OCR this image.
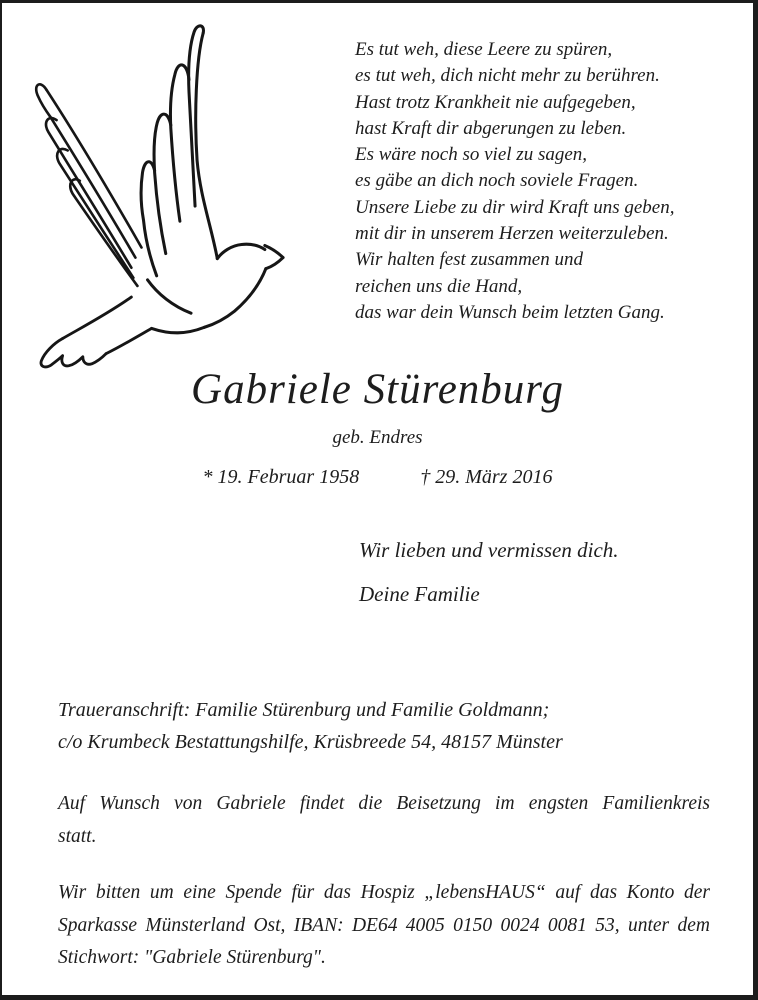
Es tut weh, diese Leere zu spüren,
es tut weh, dich nicht mehr zu berühren.
Hast trotz Krankheit nie aufgegeben,
hast Kraft dir abgerungen zu leben.
Es wäre noch so viel zu sagen,
es gäbe an dich noch soviele Fragen.
Unsere Liebe zu dir wird Kraft uns geben,
mit dir in unserem Herzen weiterzuleben.
Wir halten fest zusammen und
reichen uns die Hand,
das war dein Wunsch beim letzten Gang.
Gabriele Stürenburg
geb. Endres
* 19. Februar 1958	† 29. März 2016
Wir lieben und vermissen dich.
Deine Familie
Traueranschrift: Familie Stürenburg und Familie Goldmann;
c/o Krumbeck Bestattungshilfe, Krüsbreede 54, 48157 Münster
Auf Wunsch von Gabriele findet die Beisetzung im engsten Familienkreis
statt.
Wir bitten um eine Spende für das Hospiz „lebensHAUS“ auf das Konto der
Sparkasse Münsterland Ost, IBAN: DE64 4005 0150 0024 0081 53, unter dem
Stichwort: "Gabriele Stürenburg".
